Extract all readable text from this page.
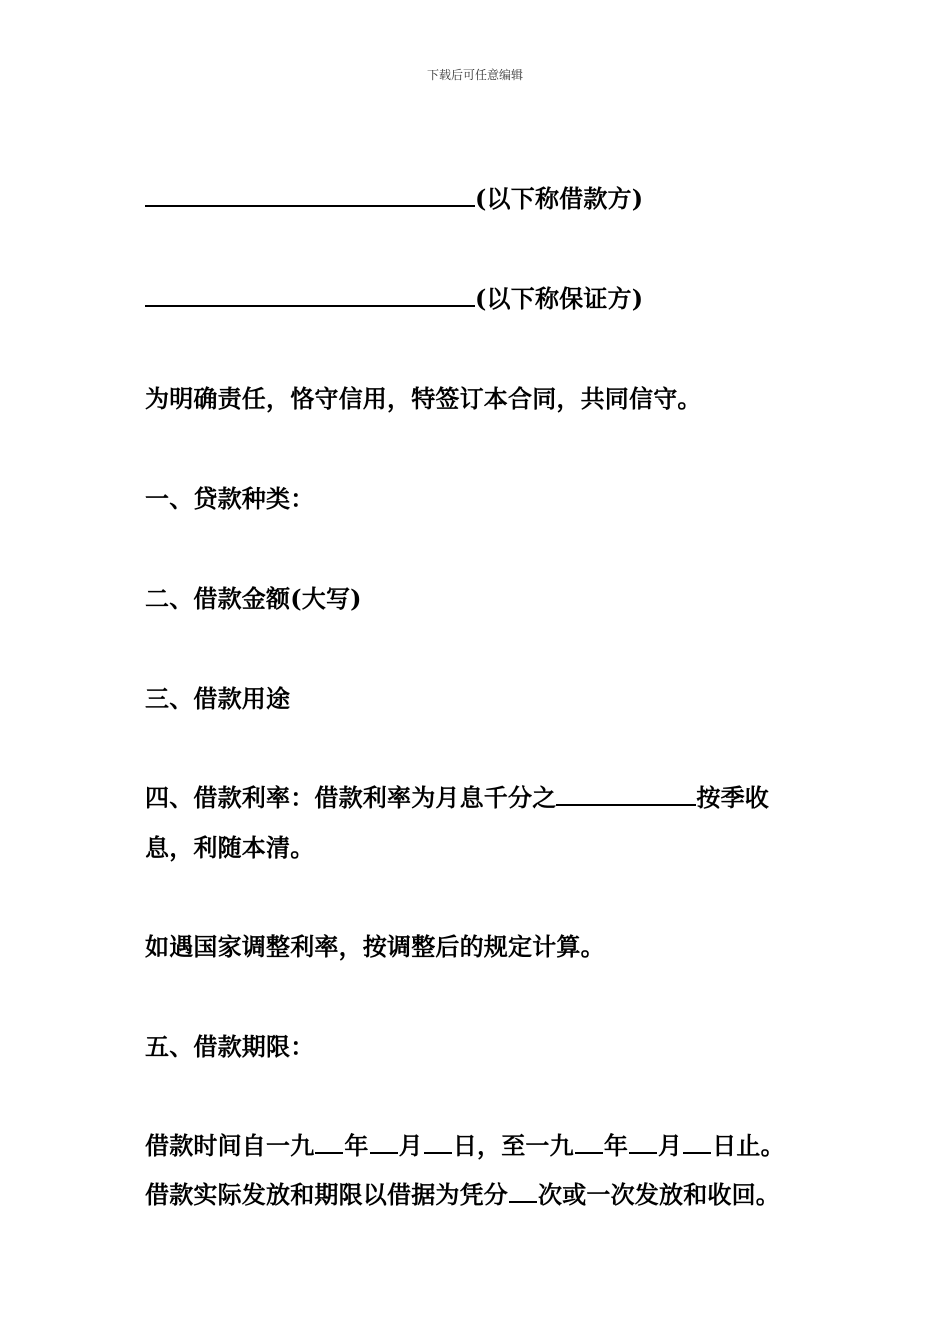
下载后可任意编辑
(以下称借款方)
(以下称保证方)
为明确责任，恪守信用，特签订本合同，共同信守。
一、贷款种类：
二、借款金额(大写)
三、借款用途
四、借款利率：借款利率为月息千分之	按季收
息，利随本清。
如遇国家调整利率，按调整后的规定计算。
五、借款期限：
借款时间自一九 年 月 日，至一九 年 月 日止。
借款实际发放和期限以借据为凭分 次或一次发放和收回。
